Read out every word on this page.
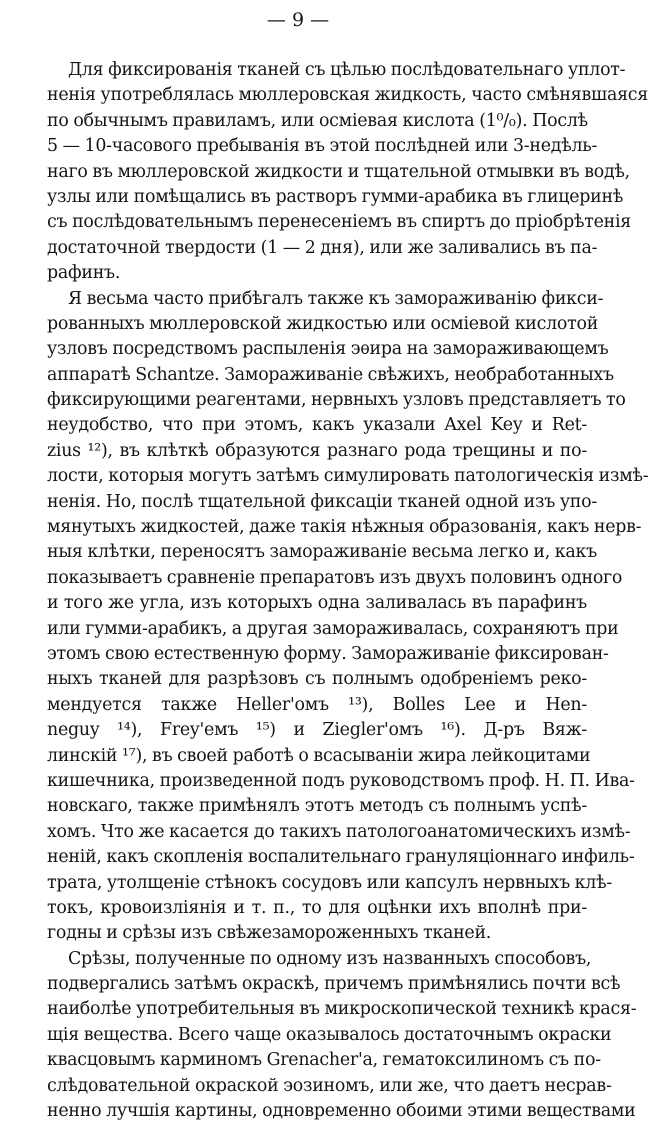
— 9 —

Для фиксированія тканей съ цѣлью послѣдовательнаго уплот-
ненія употреблялась мюллеровская жидкость, часто смѣнявшаяся
по обычнымъ правиламъ, или осміевая кислота (1⁰/₀). Послѣ
5 — 10-часового пребыванія въ этой послѣдней или 3-недѣль-
наго въ мюллеровской жидкости и тщательной отмывки въ водѣ,
узлы или помѣщались въ растворъ гумми-арабика въ глицеринѣ
съ послѣдовательнымъ перенесеніемъ въ спиртъ до пріобрѣтенія
достаточной твердости (1 — 2 дня), или же заливались въ па-
рафинъ.

Я весьма часто прибѣгалъ также къ замораживанію фикси-
рованныхъ мюллеровской жидкостью или осміевой кислотой
узловъ посредствомъ распыленія эѳира на замораживающемъ
аппаратѣ Schantze. Замораживаніе свѣжихъ, необработанныхъ
фиксирующими реагентами, нервныхъ узловъ представляетъ то
неудобство, что при этомъ, какъ указали Axel Key и Ret-
zius ¹²), въ клѣткѣ образуются разнаго рода трещины и по-
лости, которыя могутъ затѣмъ симулировать патологическія измѣ-
ненія. Но, послѣ тщательной фиксаціи тканей одной изъ упо-
мянутыхъ жидкостей, даже такія нѣжныя образованія, какъ нерв-
ныя клѣтки, переносятъ замораживаніе весьма легко и, какъ
показываетъ сравненіе препаратовъ изъ двухъ половинъ одного
и того же угла, изъ которыхъ одна заливалась въ парафинъ
или гумми-арабикъ, а другая замораживалась, сохраняютъ при
этомъ свою естественную форму. Замораживаніе фиксирован-
ныхъ тканей для разрѣзовъ съ полнымъ одобреніемъ реко-
мендуется также Heller'омъ ¹³), Bolles Lee и Hen-
neguy ¹⁴), Frey'емъ ¹⁵) и Ziegler'омъ ¹⁶). Д-ръ Вяж-
линскій ¹⁷), въ своей работѣ о всасываніи жира лейкоцитами
кишечника, произведенной подъ руководствомъ проф. Н. П. Ива-
новскаго, также примѣнялъ этотъ методъ съ полнымъ успѣ-
хомъ. Что же касается до такихъ патологоанатомическихъ измѣ-
неній, какъ скопленія воспалительнаго грануляціоннаго инфиль-
трата, утолщеніе стѣнокъ сосудовъ или капсулъ нервныхъ клѣ-
токъ, кровоизліянія и т. п., то для оцѣнки ихъ вполнѣ при-
годны и срѣзы изъ свѣжезамороженныхъ тканей.

Срѣзы, полученные по одному изъ названныхъ способовъ,
подвергались затѣмъ окраскѣ, причемъ примѣнялись почти всѣ
наиболѣе употребительныя въ микроскопической техникѣ крася-
щія вещества. Всего чаще оказывалось достаточнымъ окраски
квасцовымъ карминомъ Grenacher'a, гематоксилиномъ съ по-
слѣдовательной окраской эозиномъ, или же, что даетъ несрав-
ненно лучшія картины, одновременно обоими этими веществами
